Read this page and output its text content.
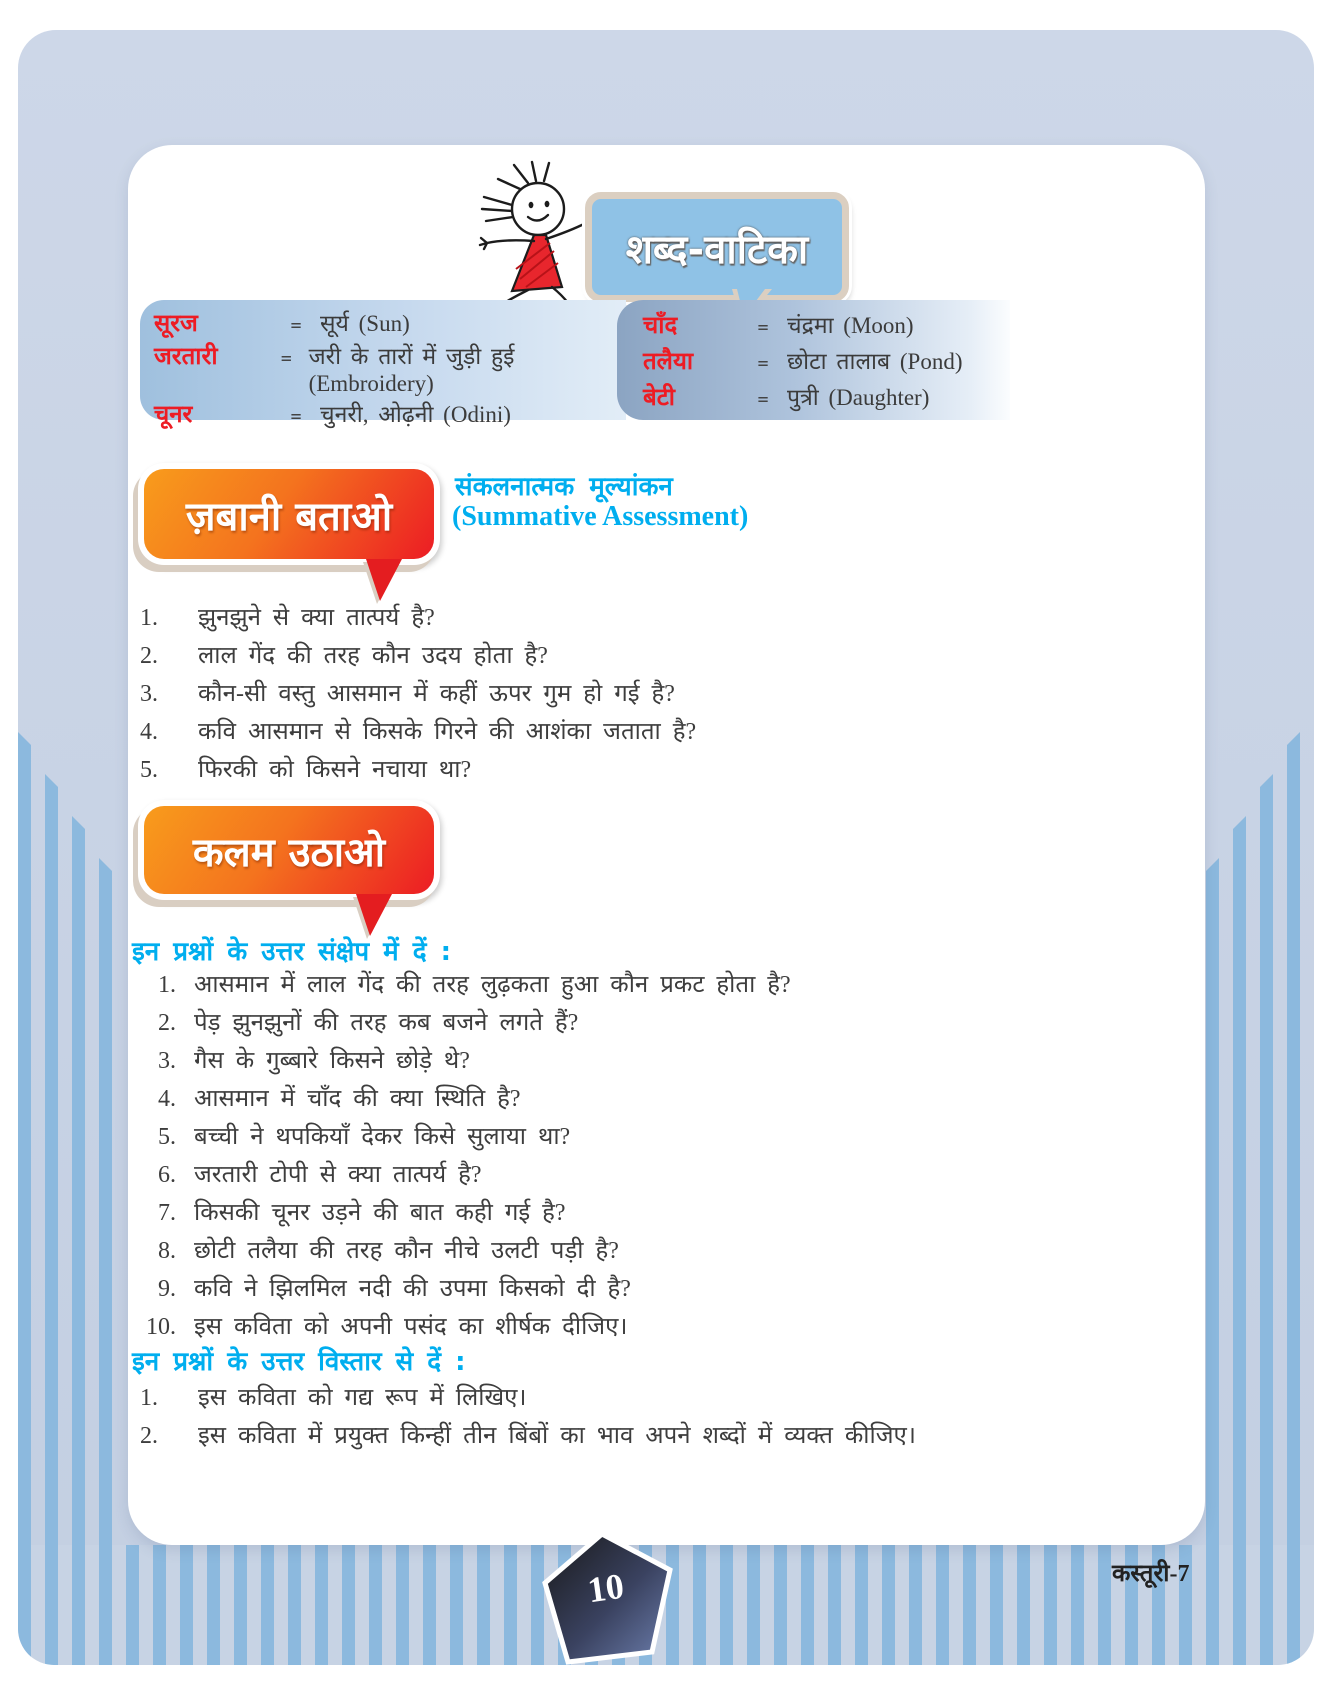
शब्द-वाटिका
सूरज	= सूर्य (Sun)
जरतारी	= जरी के तारों में जुड़ी हुई (Embroidery)
चूनर	= चुनरी, ओढ़नी (Odini)
चाँद	= चंद्रमा (Moon)
तलैया	= छोटा तालाब (Pond)
बेटी	= पुत्री (Daughter)
ज़बानी बताओ
संकलनात्मक मूल्यांकन
(Summative Assessment)
1.	झुनझुने से क्या तात्पर्य है?
2.	लाल गेंद की तरह कौन उदय होता है?
3.	कौन-सी वस्तु आसमान में कहीं ऊपर गुम हो गई है?
4.	कवि आसमान से किसके गिरने की आशंका जताता है?
5.	फिरकी को किसने नचाया था?
कलम उठाओ
इन प्रश्नों के उत्तर संक्षेप में दें :
1. आसमान में लाल गेंद की तरह लुढ़कता हुआ कौन प्रकट होता है?
2. पेड़ झुनझुनों की तरह कब बजने लगते हैं?
3. गैस के गुब्बारे किसने छोड़े थे?
4. आसमान में चाँद की क्या स्थिति है?
5. बच्ची ने थपकियाँ देकर किसे सुलाया था?
6. जरतारी टोपी से क्या तात्पर्य है?
7. किसकी चूनर उड़ने की बात कही गई है?
8. छोटी तलैया की तरह कौन नीचे उलटी पड़ी है?
9. कवि ने झिलमिल नदी की उपमा किसको दी है?
10. इस कविता को अपनी पसंद का शीर्षक दीजिए।
इन प्रश्नों के उत्तर विस्तार से दें :
1.	इस कविता को गद्य रूप में लिखिए।
2.	इस कविता में प्रयुक्त किन्हीं तीन बिंबों का भाव अपने शब्दों में व्यक्त कीजिए।
10	कस्तूरी-7
